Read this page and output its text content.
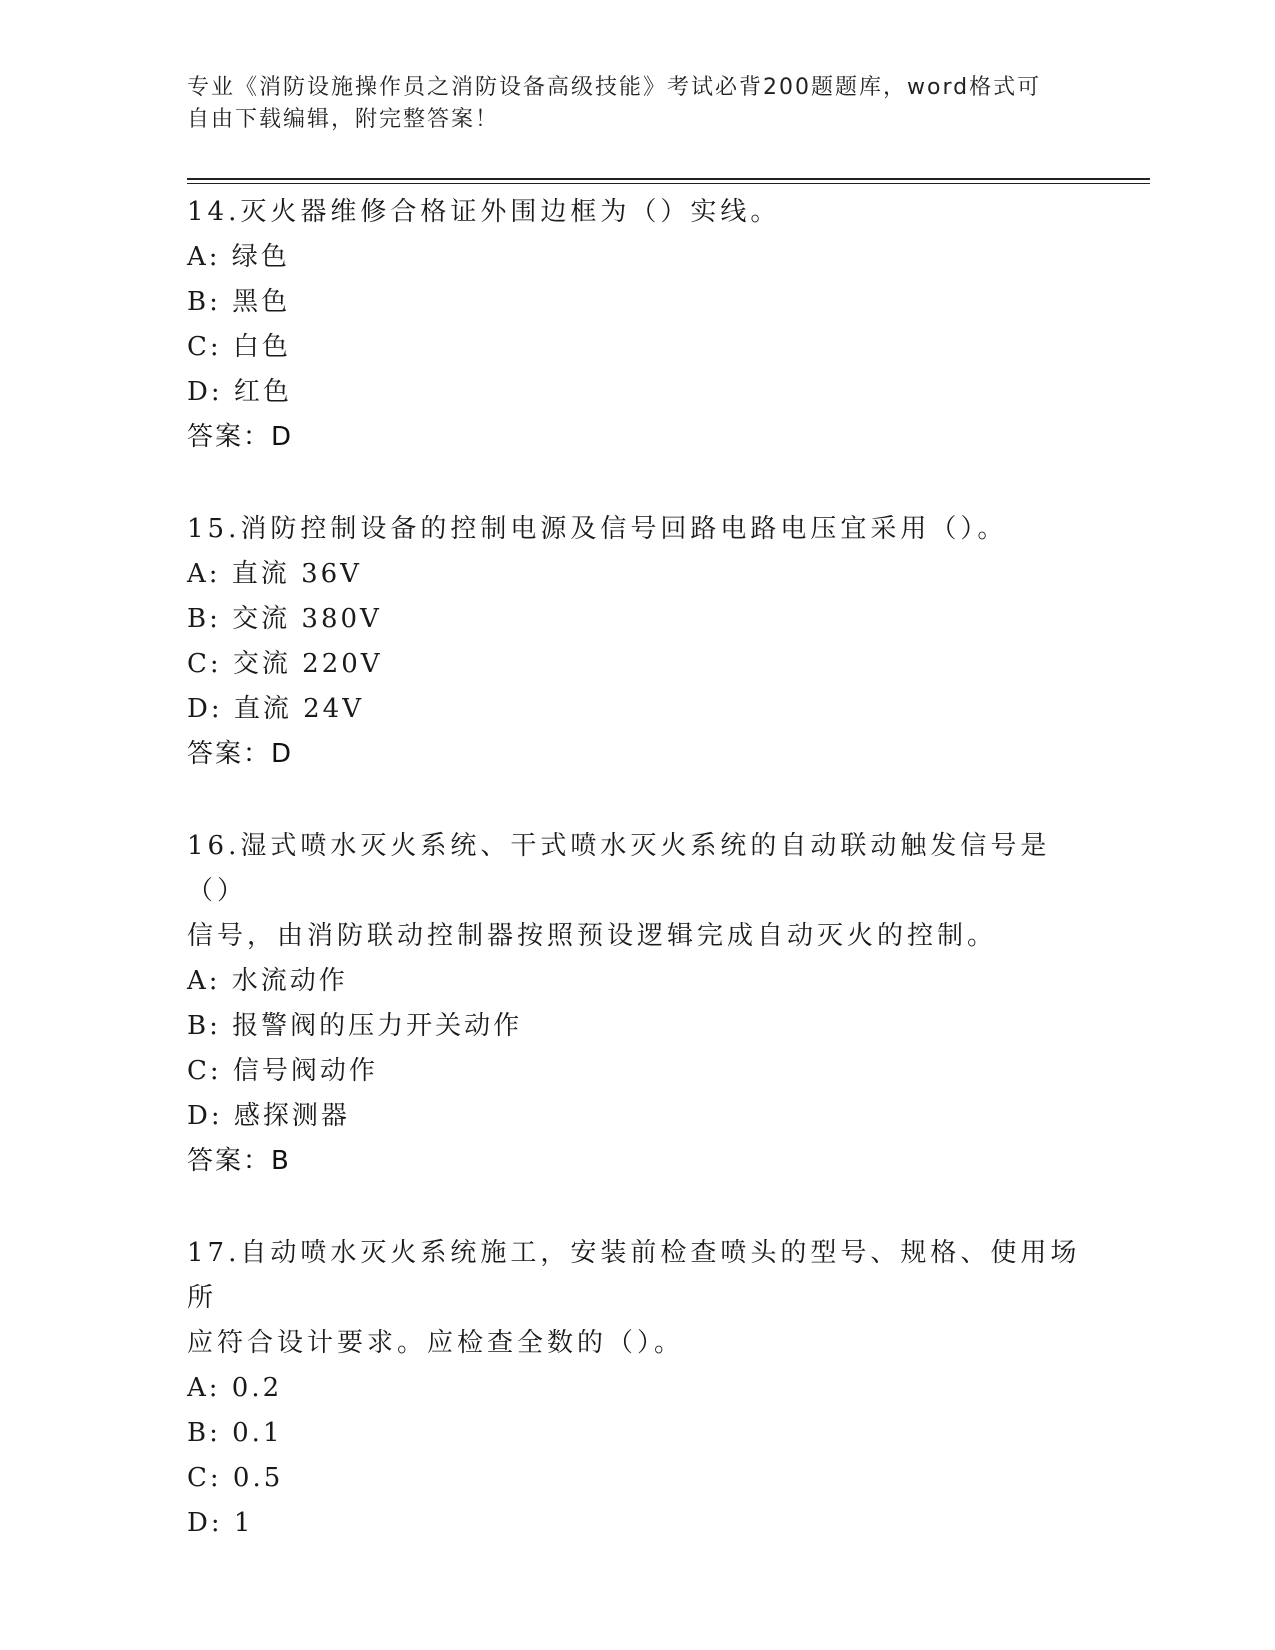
专业《消防设施操作员之消防设备高级技能》考试必背200题题库，word格式可
自由下载编辑，附完整答案！

14.灭火器维修合格证外围边框为（）实线。

A: 绿色

B: 黑色

C: 白色

D: 红色

答案：D

15.消防控制设备的控制电源及信号回路电路电压宜采用（）。

A: 直流 36V

B: 交流 380V

C: 交流 220V

D: 直流 24V

答案：D

16.湿式喷水灭火系统、干式喷水灭火系统的自动联动触发信号是（）

信号，由消防联动控制器按照预设逻辑完成自动灭火的控制。

A: 水流动作

B: 报警阀的压力开关动作

C: 信号阀动作

D: 感探测器

答案：B

17.自动喷水灭火系统施工，安装前检查喷头的型号、规格、使用场所

应符合设计要求。应检查全数的（）。

A: 0.2

B: 0.1

C: 0.5

D: 1
